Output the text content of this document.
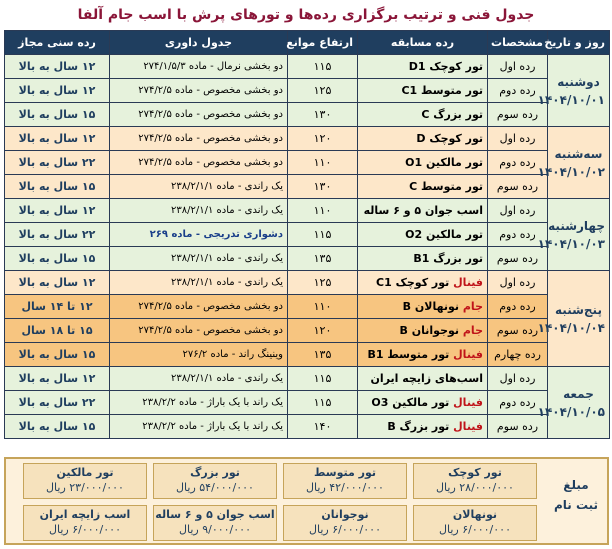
جدول فنی و ترتیب برگزاری رده‌ها و تورهای پرش با اسب جام آلفا
روز و تاریخ	مشخصات	رده مسابقه	ارتفاع موانع	جدول داوری	رده سنی مجاز

دوشنبه
۱۴۰۴/۱۰/۰۱	رده اول	تور کوچک D1	۱۱۵	دو بخشی نرمال - ماده ۲۷۴/۱/۵/۳	۱۲ سال به بالا
	رده دوم	تور متوسط C1	۱۲۵	دو بخشی مخصوص - ماده ۲۷۴/۲/۵	۱۲ سال به بالا
	رده سوم	تور بزرگ C	۱۳۰	دو بخشی مخصوص - ماده ۲۷۴/۲/۵	۱۵ سال به بالا

سه‌شنبه
۱۴۰۴/۱۰/۰۲	رده اول	تور کوچک D	۱۲۰	دو بخشی مخصوص - ماده ۲۷۴/۲/۵	۱۲ سال به بالا
	رده دوم	تور مالکین O1	۱۱۰	دو بخشی مخصوص - ماده ۲۷۴/۲/۵	۲۲ سال به بالا
	رده سوم	تور متوسط C	۱۳۰	یک راندی - ماده ۲۳۸/۲/۱/۱	۱۵ سال به بالا

چهارشنبه
۱۴۰۴/۱۰/۰۳	رده اول	اسب جوان ۵ و ۶ ساله	۱۱۰	یک راندی - ماده ۲۳۸/۲/۱/۱	۱۲ سال به بالا
	رده دوم	تور مالکین O2	۱۱۵	دشواری تدریجی - ماده ۲۶۹	۲۲ سال به بالا
	رده سوم	تور بزرگ B1	۱۳۵	یک راندی - ماده ۲۳۸/۲/۱/۱	۱۵ سال به بالا

پنج‌شنبه
۱۴۰۴/۱۰/۰۴	رده اول	فینال تور کوچک C1	۱۲۵	یک راندی - ماده ۲۳۸/۲/۱/۱	۱۲ سال به بالا
	رده دوم	جام نونهالان B	۱۱۰	دو بخشی مخصوص - ماده ۲۷۴/۲/۵	۱۲ تا ۱۴ سال
	رده سوم	جام نوجوانان B	۱۲۰	دو بخشی مخصوص - ماده ۲۷۴/۲/۵	۱۵ تا ۱۸ سال
	رده چهارم	فینال تور متوسط B1	۱۳۵	وینینگ راند - ماده ۲۷۶/۲	۱۵ سال به بالا

جمعه
۱۴۰۴/۱۰/۰۵	رده اول	اسب‌های زایچه ایران	۱۱۵	یک راندی - ماده ۲۳۸/۲/۱/۱	۱۲ سال به بالا
	رده دوم	فینال تور مالکین O3	۱۱۵	یک راند با یک باراژ - ماده ۲۳۸/۲/۲	۲۲ سال به بالا
	رده سوم	فینال تور بزرگ B	۱۴۰	یک راند با یک باراژ - ماده ۲۳۸/۲/۲	۱۵ سال به بالا
مبلغ ثبت نام
تور کوچک
۲۸/۰۰۰/۰۰۰ ریال
تور متوسط
۴۲/۰۰۰/۰۰۰ ریال
تور بزرگ
۵۴/۰۰۰/۰۰۰ ریال
تور مالکین
۲۳/۰۰۰/۰۰۰ ریال
نونهالان
۶/۰۰۰/۰۰۰ ریال
نوجوانان
۶/۰۰۰/۰۰۰ ریال
اسب جوان ۵ و ۶ ساله
۹/۰۰۰/۰۰۰ ریال
اسب زایچه ایران
۶/۰۰۰/۰۰۰ ریال
